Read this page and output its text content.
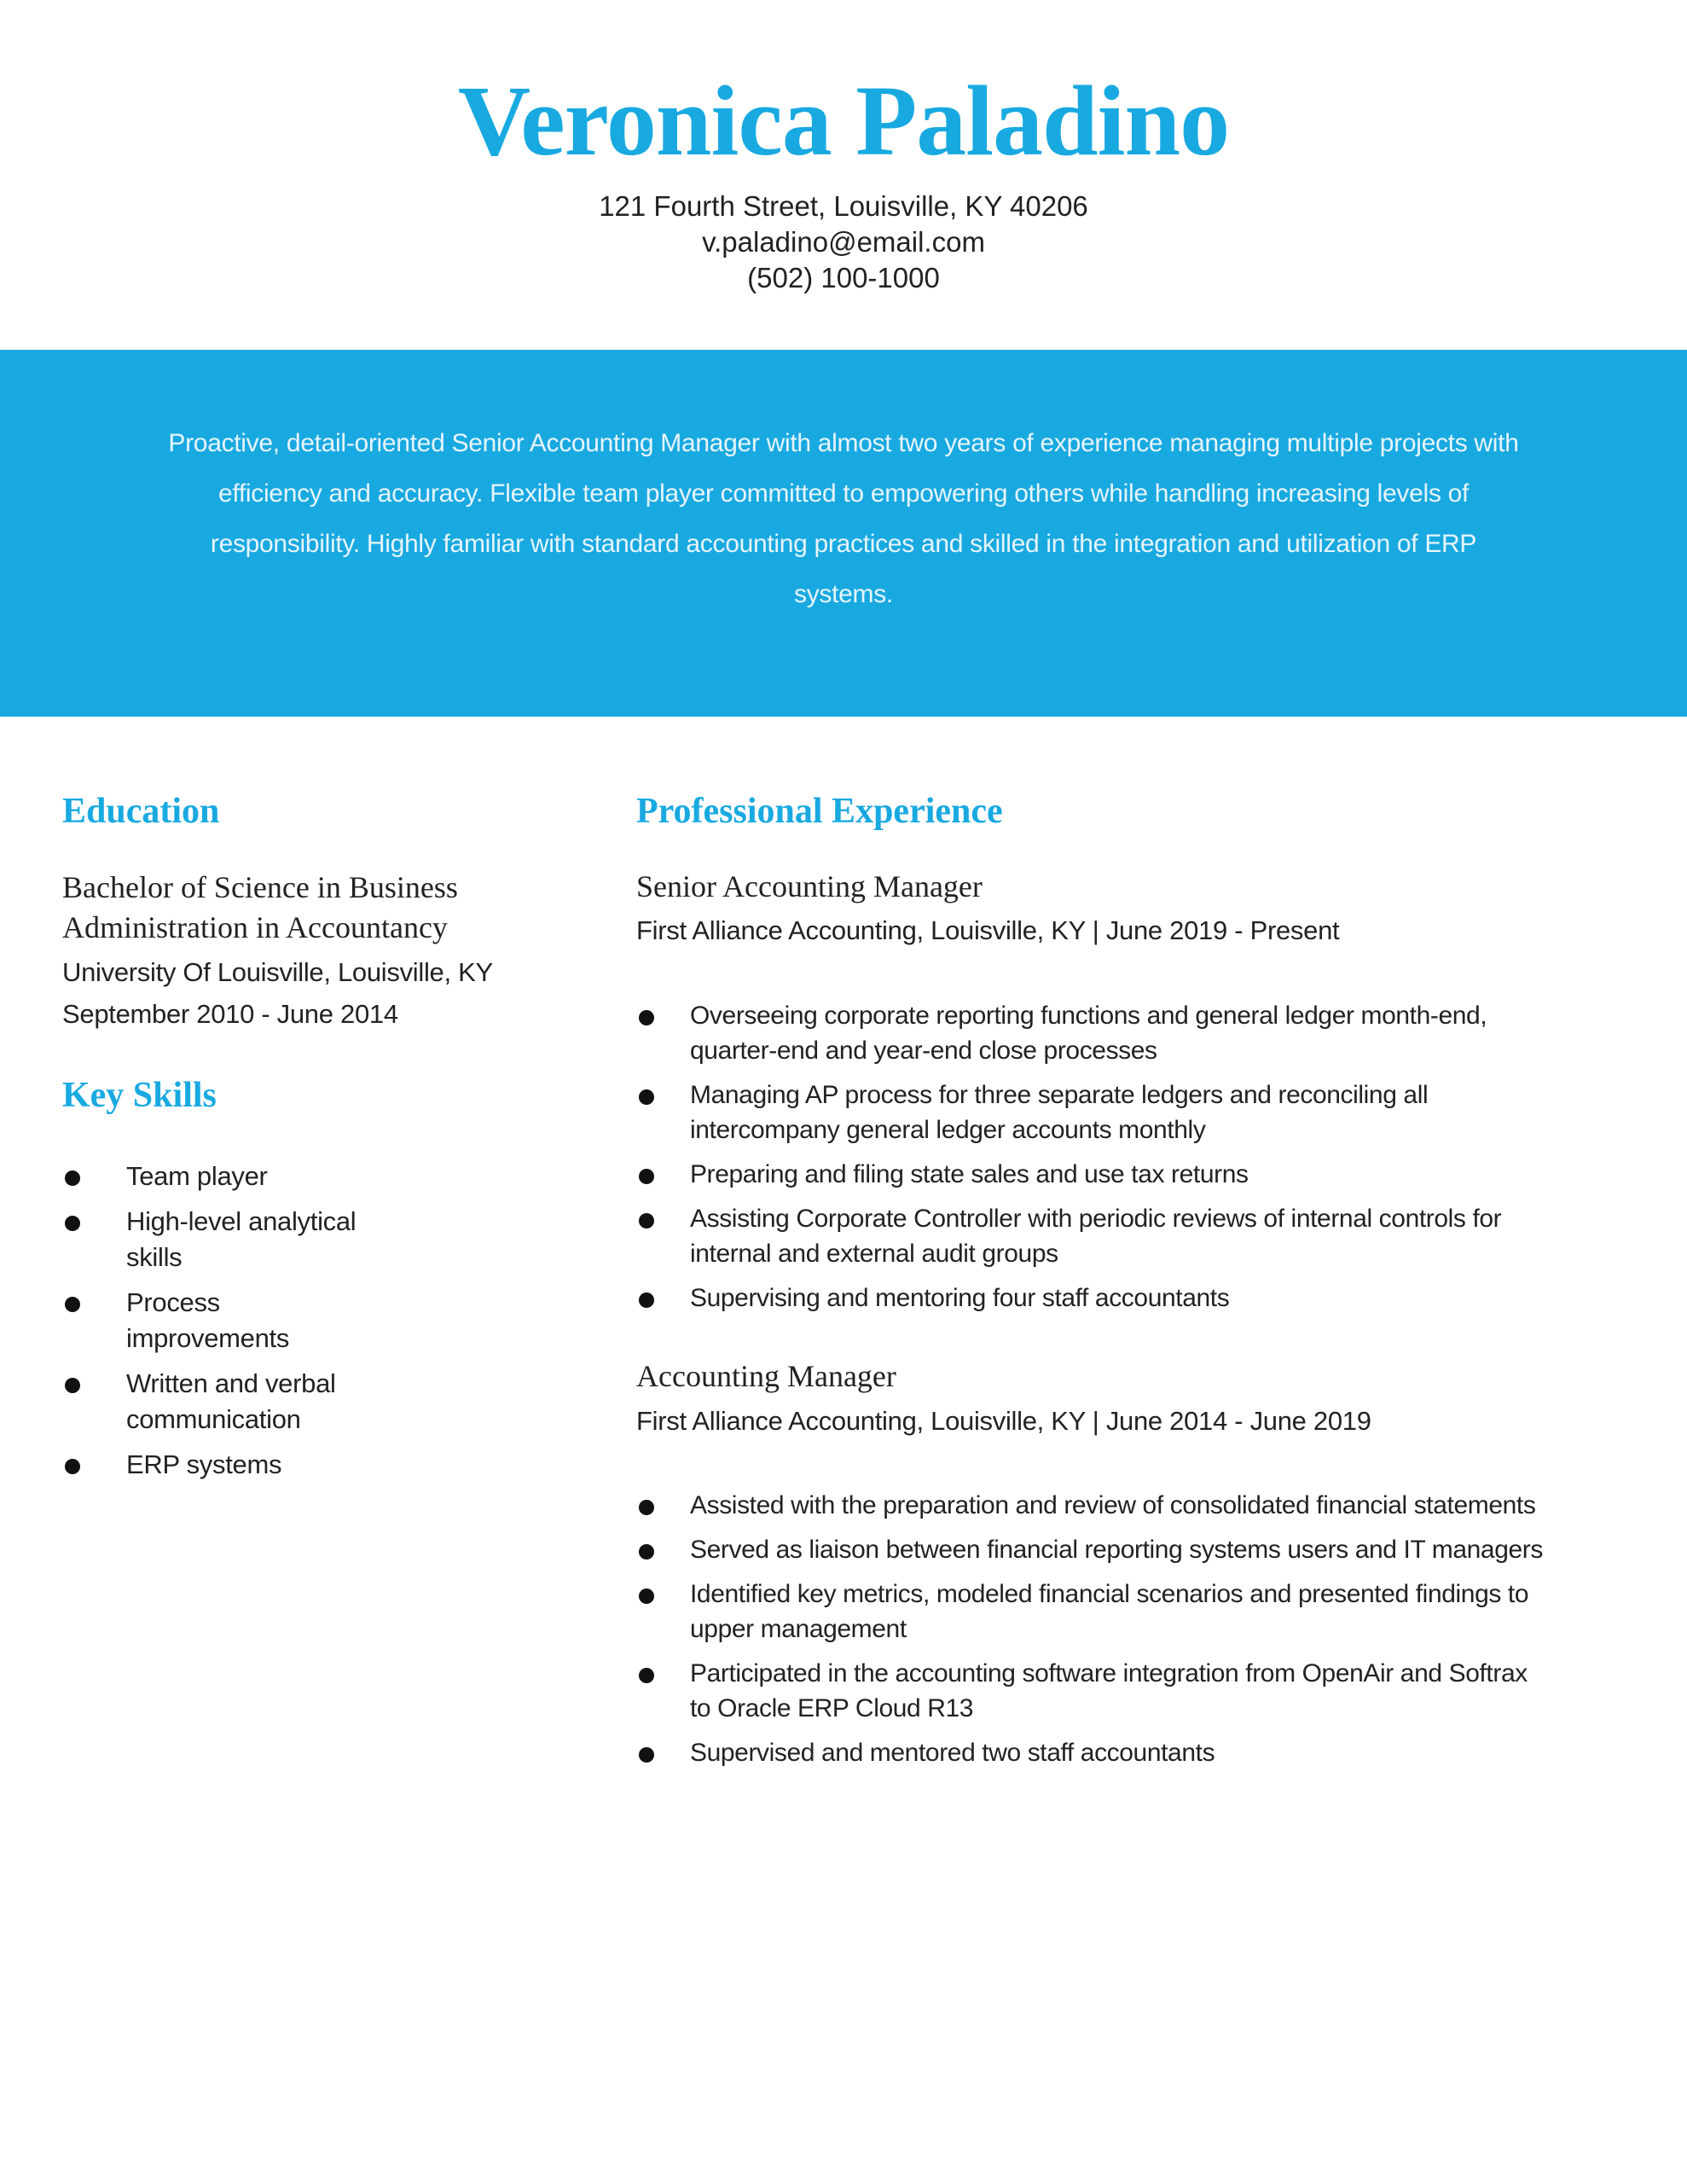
Veronica Paladino
121 Fourth Street, Louisville, KY 40206
v.paladino@email.com
(502) 100-1000
Proactive, detail-oriented Senior Accounting Manager with almost two years of experience managing multiple projects with efficiency and accuracy. Flexible team player committed to empowering others while handling increasing levels of responsibility. Highly familiar with standard accounting practices and skilled in the integration and utilization of ERP systems.
Education
Bachelor of Science in Business
Administration in Accountancy
University Of Louisville, Louisville, KY
September 2010 - June 2014
Key Skills
Team player
High-level analytical skills
Process improvements
Written and verbal communication
ERP systems
Professional Experience
Senior Accounting Manager
First Alliance Accounting, Louisville, KY | June 2019 - Present
Overseeing corporate reporting functions and general ledger month-end, quarter-end and year-end close processes
Managing AP process for three separate ledgers and reconciling all intercompany general ledger accounts monthly
Preparing and filing state sales and use tax returns
Assisting Corporate Controller with periodic reviews of internal controls for internal and external audit groups
Supervising and mentoring four staff accountants
Accounting Manager
First Alliance Accounting, Louisville, KY | June 2014 - June 2019
Assisted with the preparation and review of consolidated financial statements
Served as liaison between financial reporting systems users and IT managers
Identified key metrics, modeled financial scenarios and presented findings to upper management
Participated in the accounting software integration from OpenAir and Softrax to Oracle ERP Cloud R13
Supervised and mentored two staff accountants
